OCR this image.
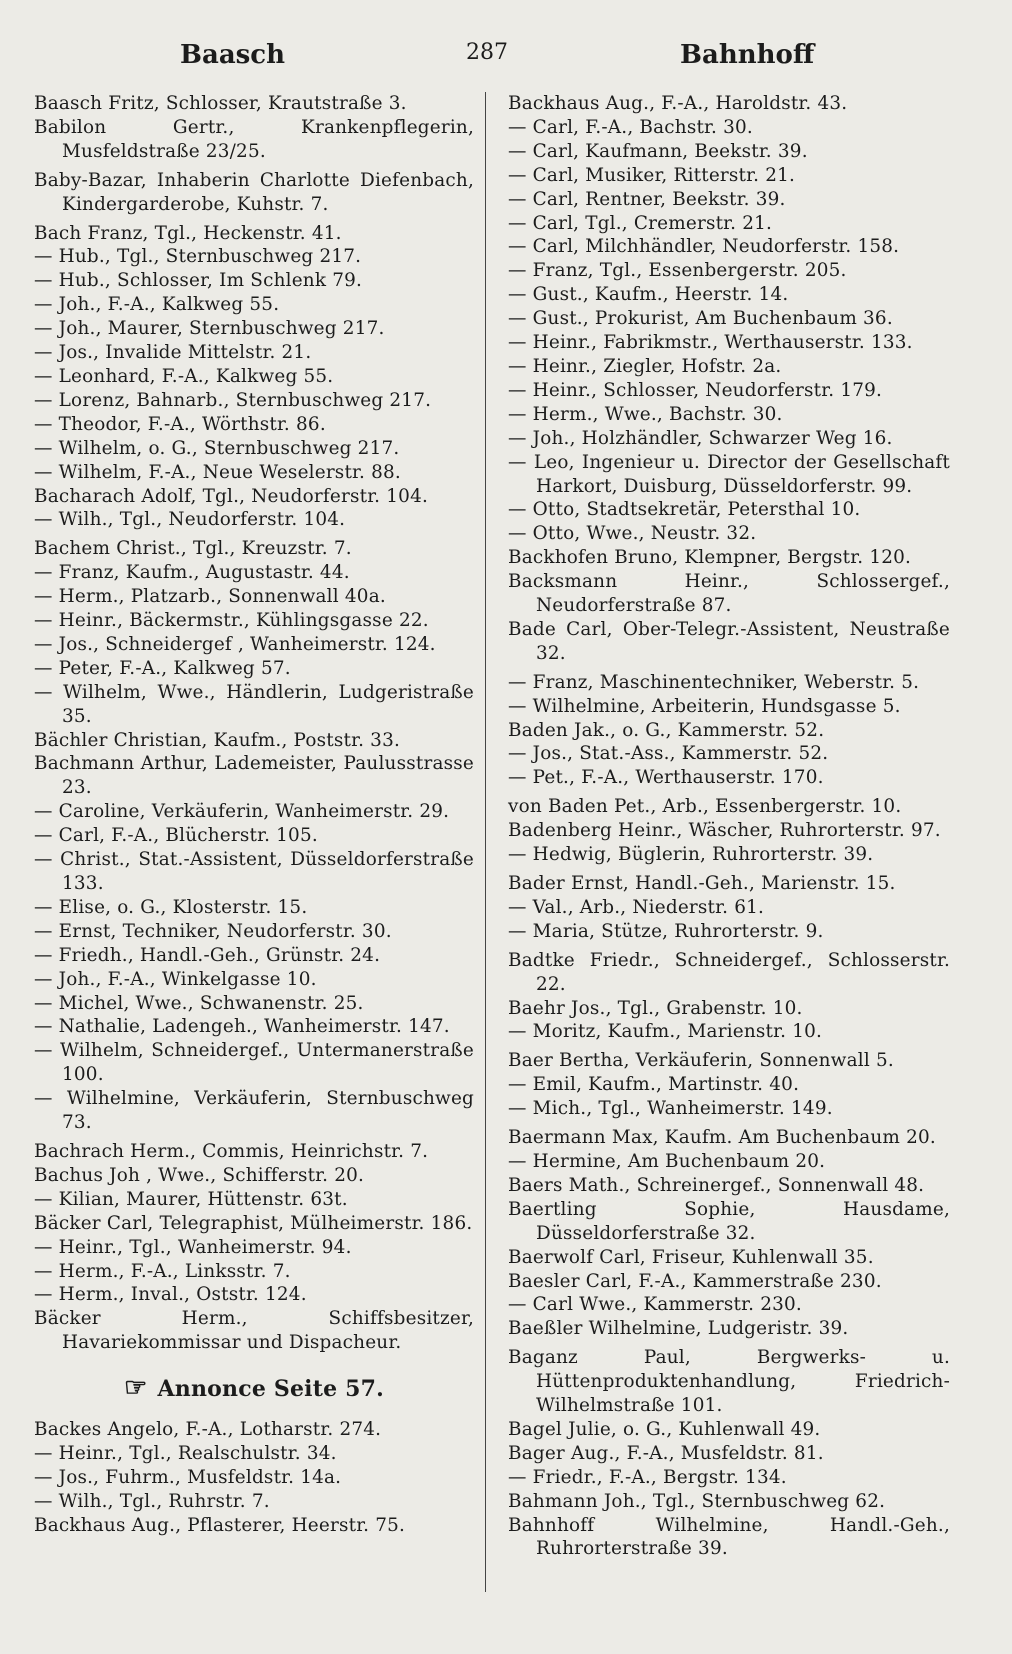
Baasch	287	Bahnhoff
Baasch Fritz, Schlosser, Krautstraße 3.
Babilon Gertr., Krankenpflegerin, Musfeldstraße 23/25.
Baby-Bazar, Inhaberin Charlotte Diefenbach, Kindergarderobe, Kuhstr. 7.
Bach Franz, Tgl., Heckenstr. 41.
— Hub., Tgl., Sternbuschweg 217.
— Hub., Schlosser, Im Schlenk 79.
— Joh., F.-A., Kalkweg 55.
— Joh., Maurer, Sternbuschweg 217.
— Jos., Invalide Mittelstr. 21.
— Leonhard, F.-A., Kalkweg 55.
— Lorenz, Bahnarb., Sternbuschweg 217.
— Theodor, F.-A., Wörthstr. 86.
— Wilhelm, o. G., Sternbuschweg 217.
— Wilhelm, F.-A., Neue Weselerstr. 88.
Bacharach Adolf, Tgl., Neudorferstr. 104.
— Wilh., Tgl., Neudorferstr. 104.
Bachem Christ., Tgl., Kreuzstr. 7.
— Franz, Kaufm., Augustastr. 44.
— Herm., Platzarb., Sonnenwall 40a.
— Heinr., Bäckermstr., Kühlingsgasse 22.
— Jos., Schneidergef , Wanheimerstr. 124.
— Peter, F.-A., Kalkweg 57.
— Wilhelm, Wwe., Händlerin, Ludgeristraße 35.
Bächler Christian, Kaufm., Poststr. 33.
Bachmann Arthur, Lademeister, Paulusstrasse 23.
— Caroline, Verkäuferin, Wanheimerstr. 29.
— Carl, F.-A., Blücherstr. 105.
— Christ., Stat.-Assistent, Düsseldorferstraße 133.
— Elise, o. G., Klosterstr. 15.
— Ernst, Techniker, Neudorferstr. 30.
— Friedh., Handl.-Geh., Grünstr. 24.
— Joh., F.-A., Winkelgasse 10.
— Michel, Wwe., Schwanenstr. 25.
— Nathalie, Ladengeh., Wanheimerstr. 147.
— Wilhelm, Schneidergef., Untermanerstraße 100.
— Wilhelmine, Verkäuferin, Sternbuschweg 73.
Bachrach Herm., Commis, Heinrichstr. 7.
Bachus Joh , Wwe., Schifferstr. 20.
— Kilian, Maurer, Hüttenstr. 63t.
Bäcker Carl, Telegraphist, Mülheimerstr. 186.
— Heinr., Tgl., Wanheimerstr. 94.
— Herm., F.-A., Linksstr. 7.
— Herm., Inval., Oststr. 124.
Bäcker Herm., Schiffsbesitzer, Havariekommissar und Dispacheur.
☞ Annonce Seite 57.
Backes Angelo, F.-A., Lotharstr. 274.
— Heinr., Tgl., Realschulstr. 34.
— Jos., Fuhrm., Musfeldstr. 14a.
— Wilh., Tgl., Ruhrstr. 7.
Backhaus Aug., Pflasterer, Heerstr. 75.
Backhaus Aug., F.-A., Haroldstr. 43.
— Carl, F.-A., Bachstr. 30.
— Carl, Kaufmann, Beekstr. 39.
— Carl, Musiker, Ritterstr. 21.
— Carl, Rentner, Beekstr. 39.
— Carl, Tgl., Cremerstr. 21.
— Carl, Milchhändler, Neudorferstr. 158.
— Franz, Tgl., Essenbergerstr. 205.
— Gust., Kaufm., Heerstr. 14.
— Gust., Prokurist, Am Buchenbaum 36.
— Heinr., Fabrikmstr., Werthauserstr. 133.
— Heinr., Ziegler, Hofstr. 2a.
— Heinr., Schlosser, Neudorferstr. 179.
— Herm., Wwe., Bachstr. 30.
— Joh., Holzhändler, Schwarzer Weg 16.
— Leo, Ingenieur u. Director der Gesellschaft Harkort, Duisburg, Düsseldorferstr. 99.
— Otto, Stadtsekretär, Petersthal 10.
— Otto, Wwe., Neustr. 32.
Backhofen Bruno, Klempner, Bergstr. 120.
Backsmann Heinr., Schlossergef., Neudorferstraße 87.
Bade Carl, Ober-Telegr.-Assistent, Neustraße 32.
— Franz, Maschinentechniker, Weberstr. 5.
— Wilhelmine, Arbeiterin, Hundsgasse 5.
Baden Jak., o. G., Kammerstr. 52.
— Jos., Stat.-Ass., Kammerstr. 52.
— Pet., F.-A., Werthauserstr. 170.
von Baden Pet., Arb., Essenbergerstr. 10.
Badenberg Heinr., Wäscher, Ruhrorterstr. 97.
— Hedwig, Büglerin, Ruhrorterstr. 39.
Bader Ernst, Handl.-Geh., Marienstr. 15.
— Val., Arb., Niederstr. 61.
— Maria, Stütze, Ruhrorterstr. 9.
Badtke Friedr., Schneidergef., Schlosserstr. 22.
Baehr Jos., Tgl., Grabenstr. 10.
— Moritz, Kaufm., Marienstr. 10.
Baer Bertha, Verkäuferin, Sonnenwall 5.
— Emil, Kaufm., Martinstr. 40.
— Mich., Tgl., Wanheimerstr. 149.
Baermann Max, Kaufm. Am Buchenbaum 20.
— Hermine, Am Buchenbaum 20.
Baers Math., Schreinergef., Sonnenwall 48.
Baertling Sophie, Hausdame, Düsseldorferstraße 32.
Baerwolf Carl, Friseur, Kuhlenwall 35.
Baesler Carl, F.-A., Kammerstraße 230.
— Carl Wwe., Kammerstr. 230.
Baeßler Wilhelmine, Ludgeristr. 39.
Baganz Paul, Bergwerks- u. Hüttenproduktenhandlung, Friedrich-Wilhelmstraße 101.
Bagel Julie, o. G., Kuhlenwall 49.
Bager Aug., F.-A., Musfeldstr. 81.
— Friedr., F.-A., Bergstr. 134.
Bahmann Joh., Tgl., Sternbuschweg 62.
Bahnhoff Wilhelmine, Handl.-Geh., Ruhrorterstraße 39.
